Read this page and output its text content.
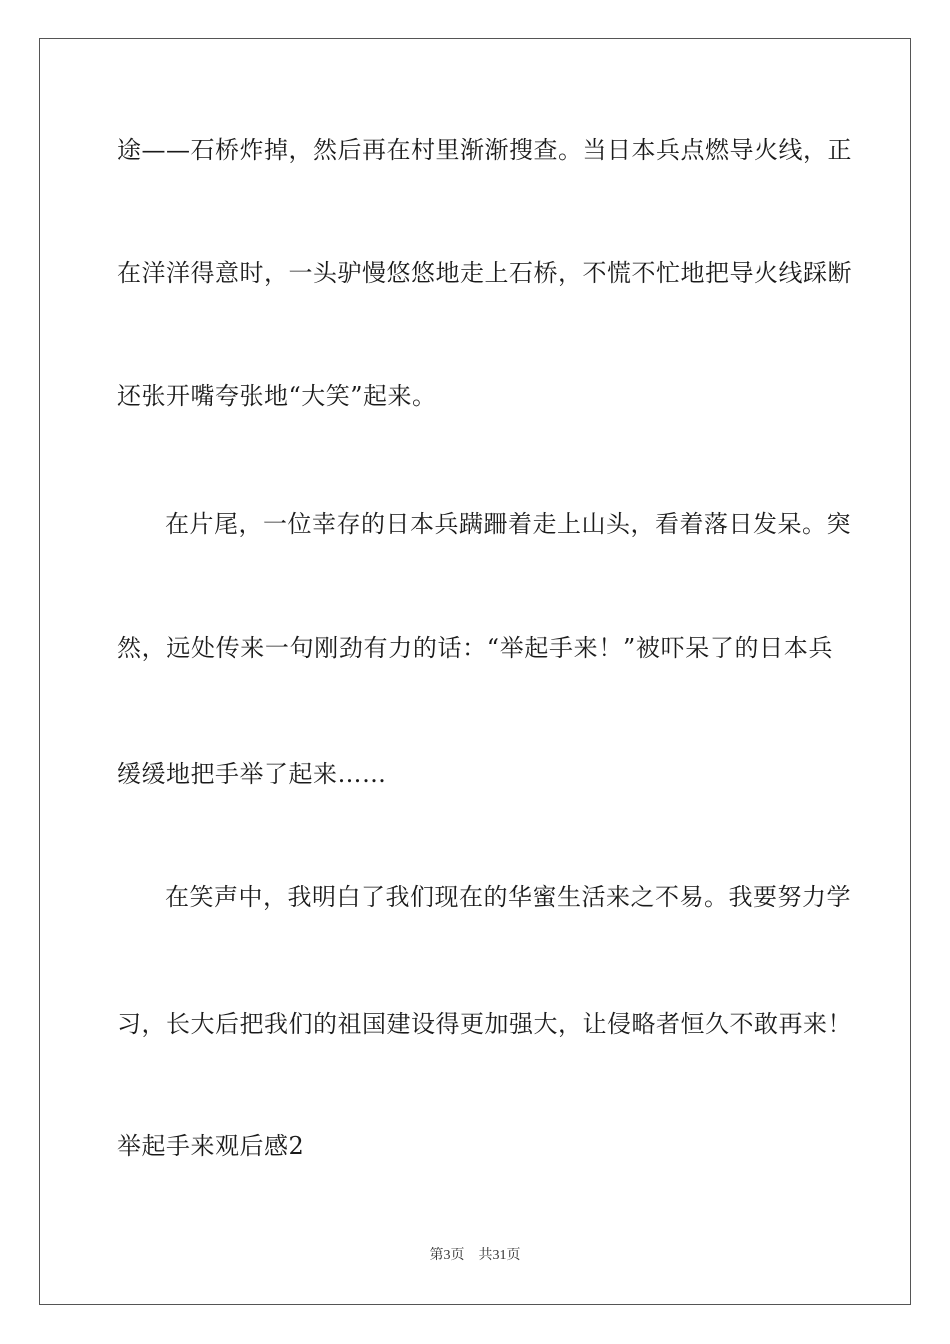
途——石桥炸掉，然后再在村里渐渐搜查。当日本兵点燃导火线，正
在洋洋得意时，一头驴慢悠悠地走上石桥，不慌不忙地把导火线踩断
还张开嘴夸张地“大笑”起来。
在片尾，一位幸存的日本兵蹒跚着走上山头，看着落日发呆。突
然，远处传来一句刚劲有力的话：“举起手来！”被吓呆了的日本兵
缓缓地把手举了起来……
在笑声中，我明白了我们现在的华蜜生活来之不易。我要努力学
习，长大后把我们的祖国建设得更加强大，让侵略者恒久不敢再来！
举起手来观后感2
第3页 共31页
